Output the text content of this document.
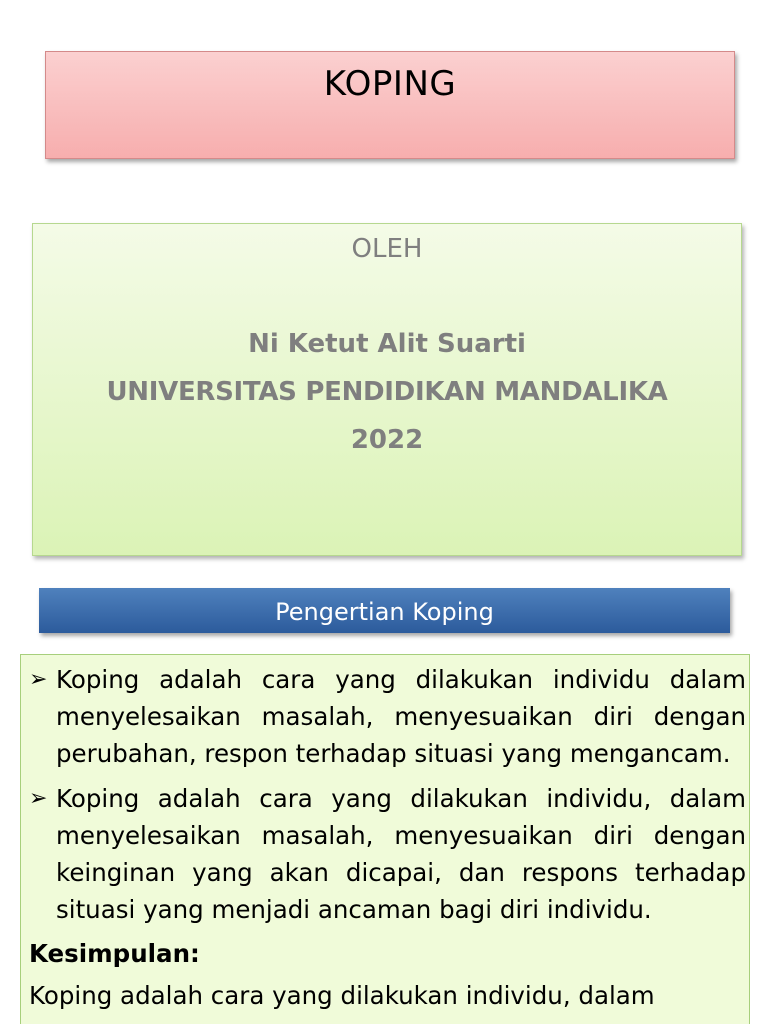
KOPING
OLEH
Ni Ketut Alit Suarti
UNIVERSITAS PENDIDIKAN MANDALIKA
2022
Pengertian Koping
➢ Koping adalah cara yang dilakukan individu dalam menyelesaikan masalah, menyesuaikan diri dengan perubahan, respon terhadap situasi yang mengancam.
➢ Koping adalah cara yang dilakukan individu, dalam menyelesaikan masalah, menyesuaikan diri dengan keinginan yang akan dicapai, dan respons terhadap situasi yang menjadi ancaman bagi diri individu.
Kesimpulan:
Koping adalah cara yang dilakukan individu, dalam
